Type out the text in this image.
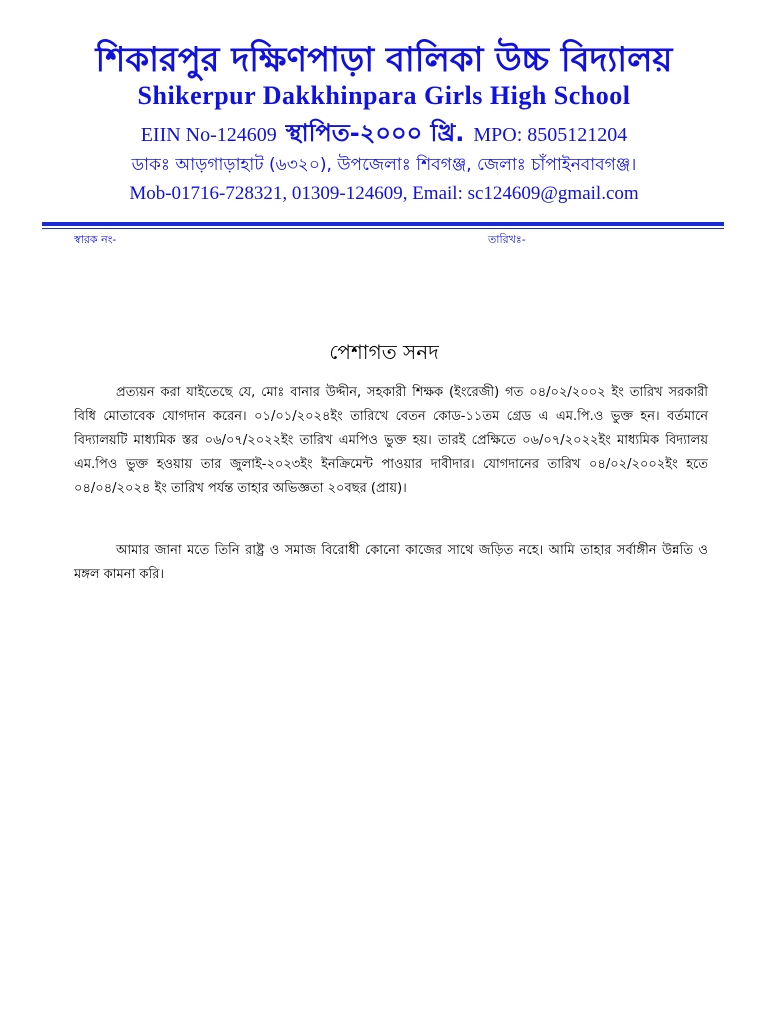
শিকারপুর দক্ষিণপাড়া বালিকা উচ্চ বিদ্যালয়
Shikerpur Dakkhinpara Girls High School
EIIN No-124609 স্থাপিত-২০০০ খ্রি. MPO: 8505121204
ডাকঃ আড়গাড়াহাট (৬৩২০), উপজেলাঃ শিবগঞ্জ, জেলাঃ চাঁপাইনবাবগঞ্জ।
Mob-01716-728321, 01309-124609, Email: sc124609@gmail.com
স্বারক নং-	তারিখঃ-
পেশাগত সনদ

প্রত্যয়ন করা যাইতেছে যে, মোঃ বানার উদ্দীন, সহকারী শিক্ষক (ইংরেজী) গত ০৪/০২/২০০২ ইং তারিখ সরকারী বিধি মোতাবেক যোগদান করেন। ০১/০১/২০২৪ইং তারিখে বেতন কোড-১১তম গ্রেড এ এম.পি.ও ভুক্ত হন। বর্তমানে বিদ্যালয়টি মাধ্যমিক স্তর ০৬/০৭/২০২২ইং তারিখ এমপিও ভুক্ত হয়। তারই প্রেক্ষিতে ০৬/০৭/২০২২ইং মাধ্যমিক বিদ্যালয় এম.পিও ভুক্ত হওয়ায় তার জুলাই-২০২৩ইং ইনক্রিমেন্ট পাওয়ার দাবীদার। যোগদানের তারিখ ০৪/০২/২০০২ইং হতে ০৪/০৪/২০২৪ ইং তারিখ পর্যন্ত তাহার অভিজ্ঞতা ২০বছর (প্রায়)।

আমার জানা মতে তিনি রাষ্ট্র ও সমাজ বিরোধী কোনো কাজের সাথে জড়িত নহে। আমি তাহার সর্বাঙ্গীন উন্নতি ও মঙ্গল কামনা করি।
